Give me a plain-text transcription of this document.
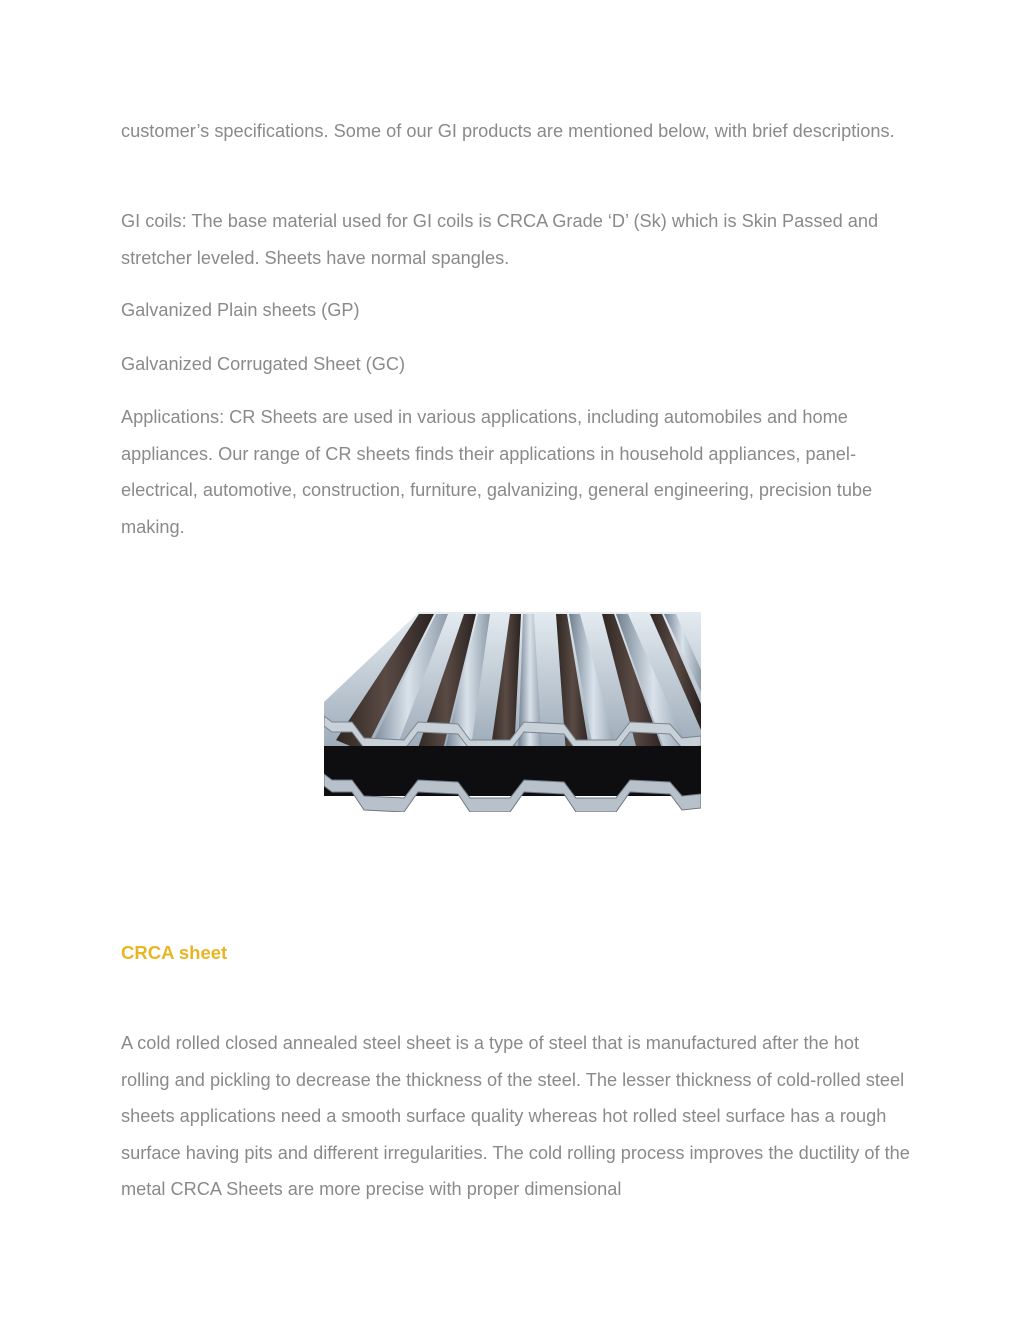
customer’s specifications. Some of our GI products are mentioned below, with brief descriptions.

GI coils: The base material used for GI coils is CRCA Grade ‘D’ (Sk) which is Skin Passed and stretcher leveled. Sheets have normal spangles.

Galvanized Plain sheets (GP)

Galvanized Corrugated Sheet (GC)

Applications: CR Sheets are used in various applications, including automobiles and home appliances. Our range of CR sheets finds their applications in household appliances, panel-electrical, automotive, construction, furniture, galvanizing, general engineering, precision tube making.

CRCA sheet

A cold rolled closed annealed steel sheet is a type of steel that is manufactured after the hot rolling and pickling to decrease the thickness of the steel. The lesser thickness of cold-rolled steel sheets applications need a smooth surface quality whereas hot rolled steel surface has a rough surface having pits and different irregularities. The cold rolling process improves the ductility of the metal CRCA Sheets are more precise with proper dimensional
